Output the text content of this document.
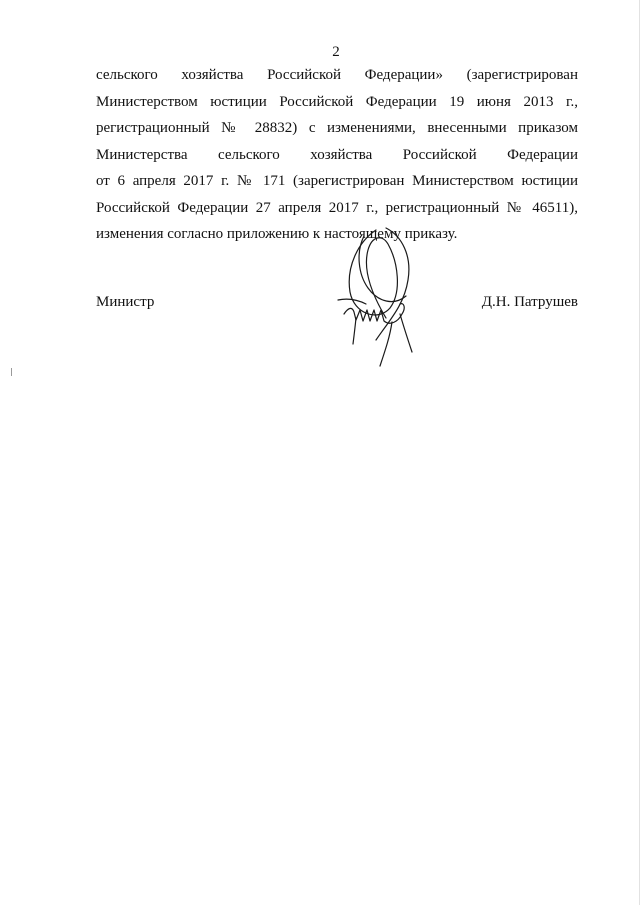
2
сельского хозяйства Российской Федерации» (зарегистрирован
Министерством юстиции Российской Федерации 19 июня 2013 г.,
регистрационный № 28832) с изменениями, внесенными приказом
Министерства сельского хозяйства Российской Федерации
от 6 апреля 2017 г. № 171 (зарегистрирован Министерством юстиции
Российской Федерации 27 апреля 2017 г., регистрационный № 46511),
изменения согласно приложению к настоящему приказу.
Министр	Д.Н. Патрушев
